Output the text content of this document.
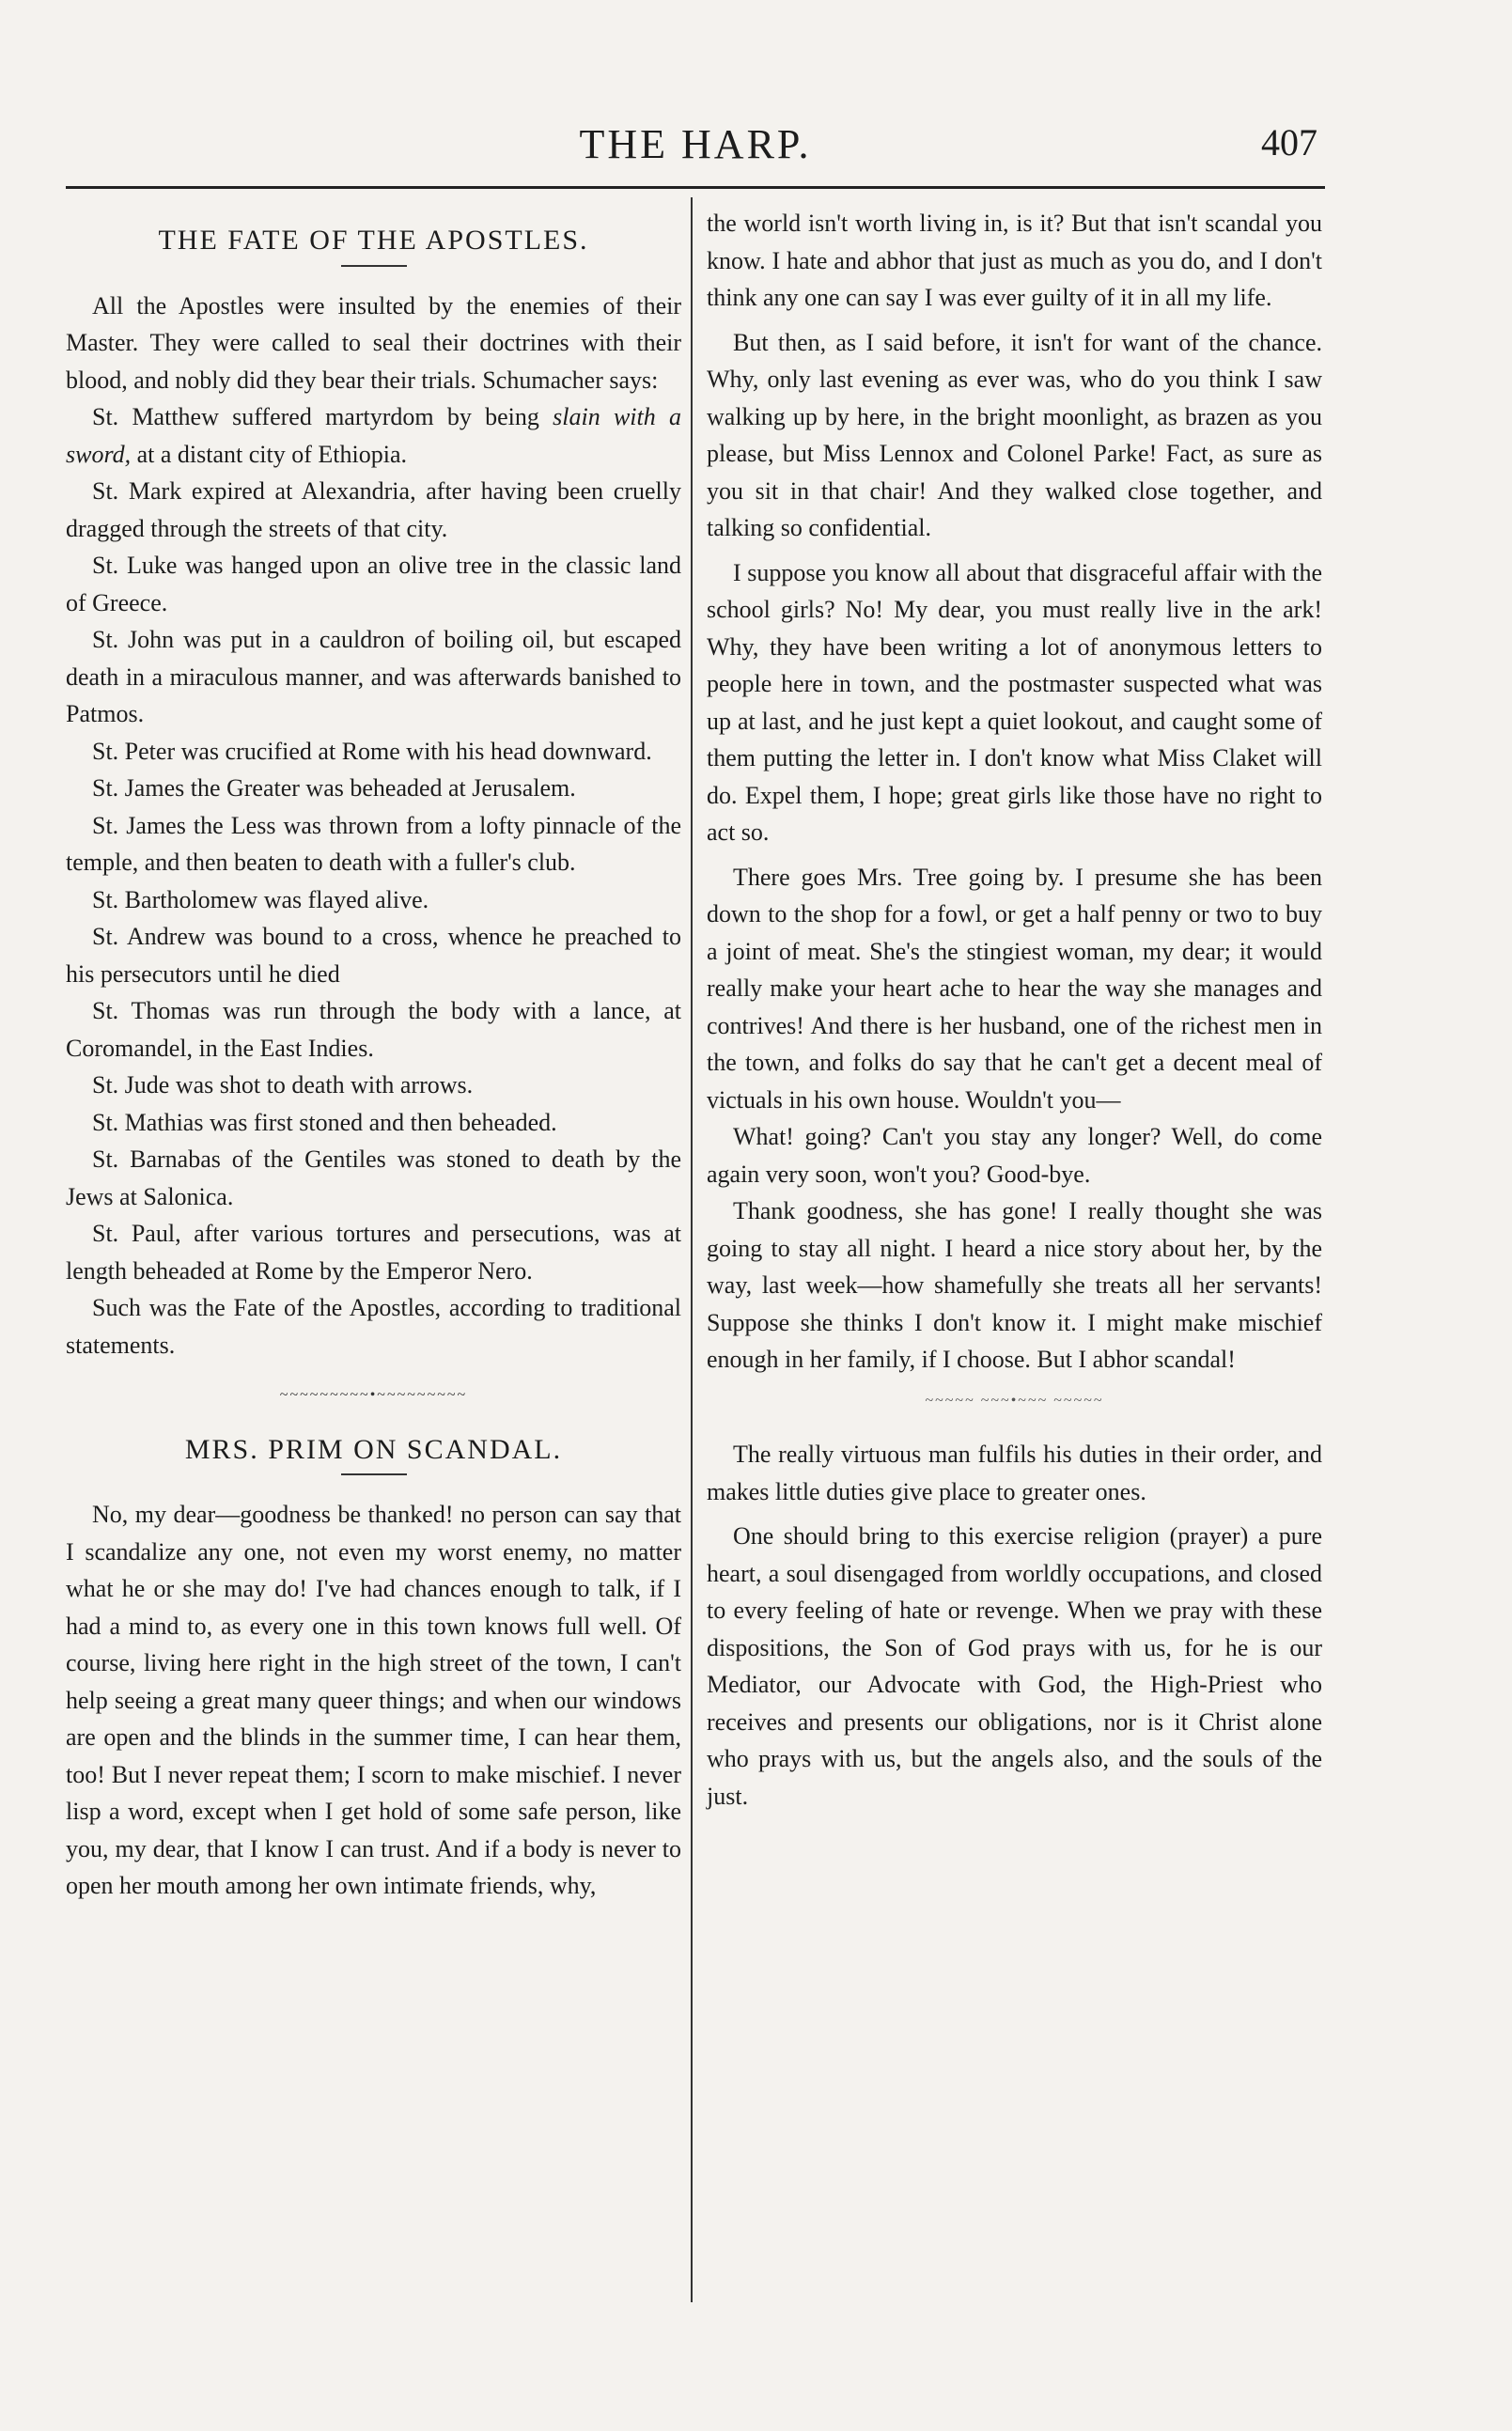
THE HARP.	407
THE FATE OF THE APOSTLES.

All the Apostles were insulted by the enemies of their Master. They were called to seal their doctrines with their blood, and nobly did they bear their trials. Schumacher says:

St. Matthew suffered martyrdom by being slain with a sword, at a distant city of Ethiopia.

St. Mark expired at Alexandria, after having been cruelly dragged through the streets of that city.

St. Luke was hanged upon an olive tree in the classic land of Greece.

St. John was put in a cauldron of boiling oil, but escaped death in a miraculous manner, and was afterwards banished to Patmos.

St. Peter was crucified at Rome with his head downward.

St. James the Greater was beheaded at Jerusalem.

St. James the Less was thrown from a lofty pinnacle of the temple, and then beaten to death with a fuller's club.

St. Bartholomew was flayed alive.

St. Andrew was bound to a cross, whence he preached to his persecutors until he died

St. Thomas was run through the body with a lance, at Coromandel, in the East Indies.

St. Jude was shot to death with arrows.

St. Mathias was first stoned and then beheaded.

St. Barnabas of the Gentiles was stoned to death by the Jews at Salonica.

St. Paul, after various tortures and persecutions, was at length beheaded at Rome by the Emperor Nero.

Such was the Fate of the Apostles, according to traditional statements.

~~~~~~~~~•~~~~~~~~~
MRS. PRIM ON SCANDAL.

No, my dear—goodness be thanked! no person can say that I scandalize any one, not even my worst enemy, no matter what he or she may do! I've had chances enough to talk, if I had a mind to, as every one in this town knows full well. Of course, living here right in the high street of the town, I can't help seeing a great many queer things; and when our windows are open and the blinds in the summer time, I can hear them, too! But I never repeat them; I scorn to make mischief. I never lisp a word, except when I get hold of some safe person, like you, my dear, that I know I can trust. And if a body is never to open her mouth among her own intimate friends, why,

the world isn't worth living in, is it? But that isn't scandal you know. I hate and abhor that just as much as you do, and I don't think any one can say I was ever guilty of it in all my life.

But then, as I said before, it isn't for want of the chance. Why, only last evening as ever was, who do you think I saw walking up by here, in the bright moonlight, as brazen as you please, but Miss Lennox and Colonel Parke! Fact, as sure as you sit in that chair! And they walked close together, and talking so confidential.

I suppose you know all about that disgraceful affair with the school girls? No! My dear, you must really live in the ark! Why, they have been writing a lot of anonymous letters to people here in town, and the postmaster suspected what was up at last, and he just kept a quiet lookout, and caught some of them putting the letter in. I don't know what Miss Claket will do. Expel them, I hope; great girls like those have no right to act so.

There goes Mrs. Tree going by. I presume she has been down to the shop for a fowl, or get a half penny or two to buy a joint of meat. She's the stingiest woman, my dear; it would really make your heart ache to hear the way she manages and contrives! And there is her husband, one of the richest men in the town, and folks do say that he can't get a decent meal of victuals in his own house. Wouldn't you—

What! going? Can't you stay any longer? Well, do come again very soon, won't you? Good-bye.

Thank goodness, she has gone! I really thought she was going to stay all night. I heard a nice story about her, by the way, last week—how shamefully she treats all her servants! Suppose she thinks I don't know it. I might make mischief enough in her family, if I choose. But I abhor scandal!

~~~~~ ~~~•~~~ ~~~~~

The really virtuous man fulfils his duties in their order, and makes little duties give place to greater ones.

One should bring to this exercise religion (prayer) a pure heart, a soul disengaged from worldly occupations, and closed to every feeling of hate or revenge. When we pray with these dispositions, the Son of God prays with us, for he is our Mediator, our Advocate with God, the High-Priest who receives and presents our obligations, nor is it Christ alone who prays with us, but the angels also, and the souls of the just.
